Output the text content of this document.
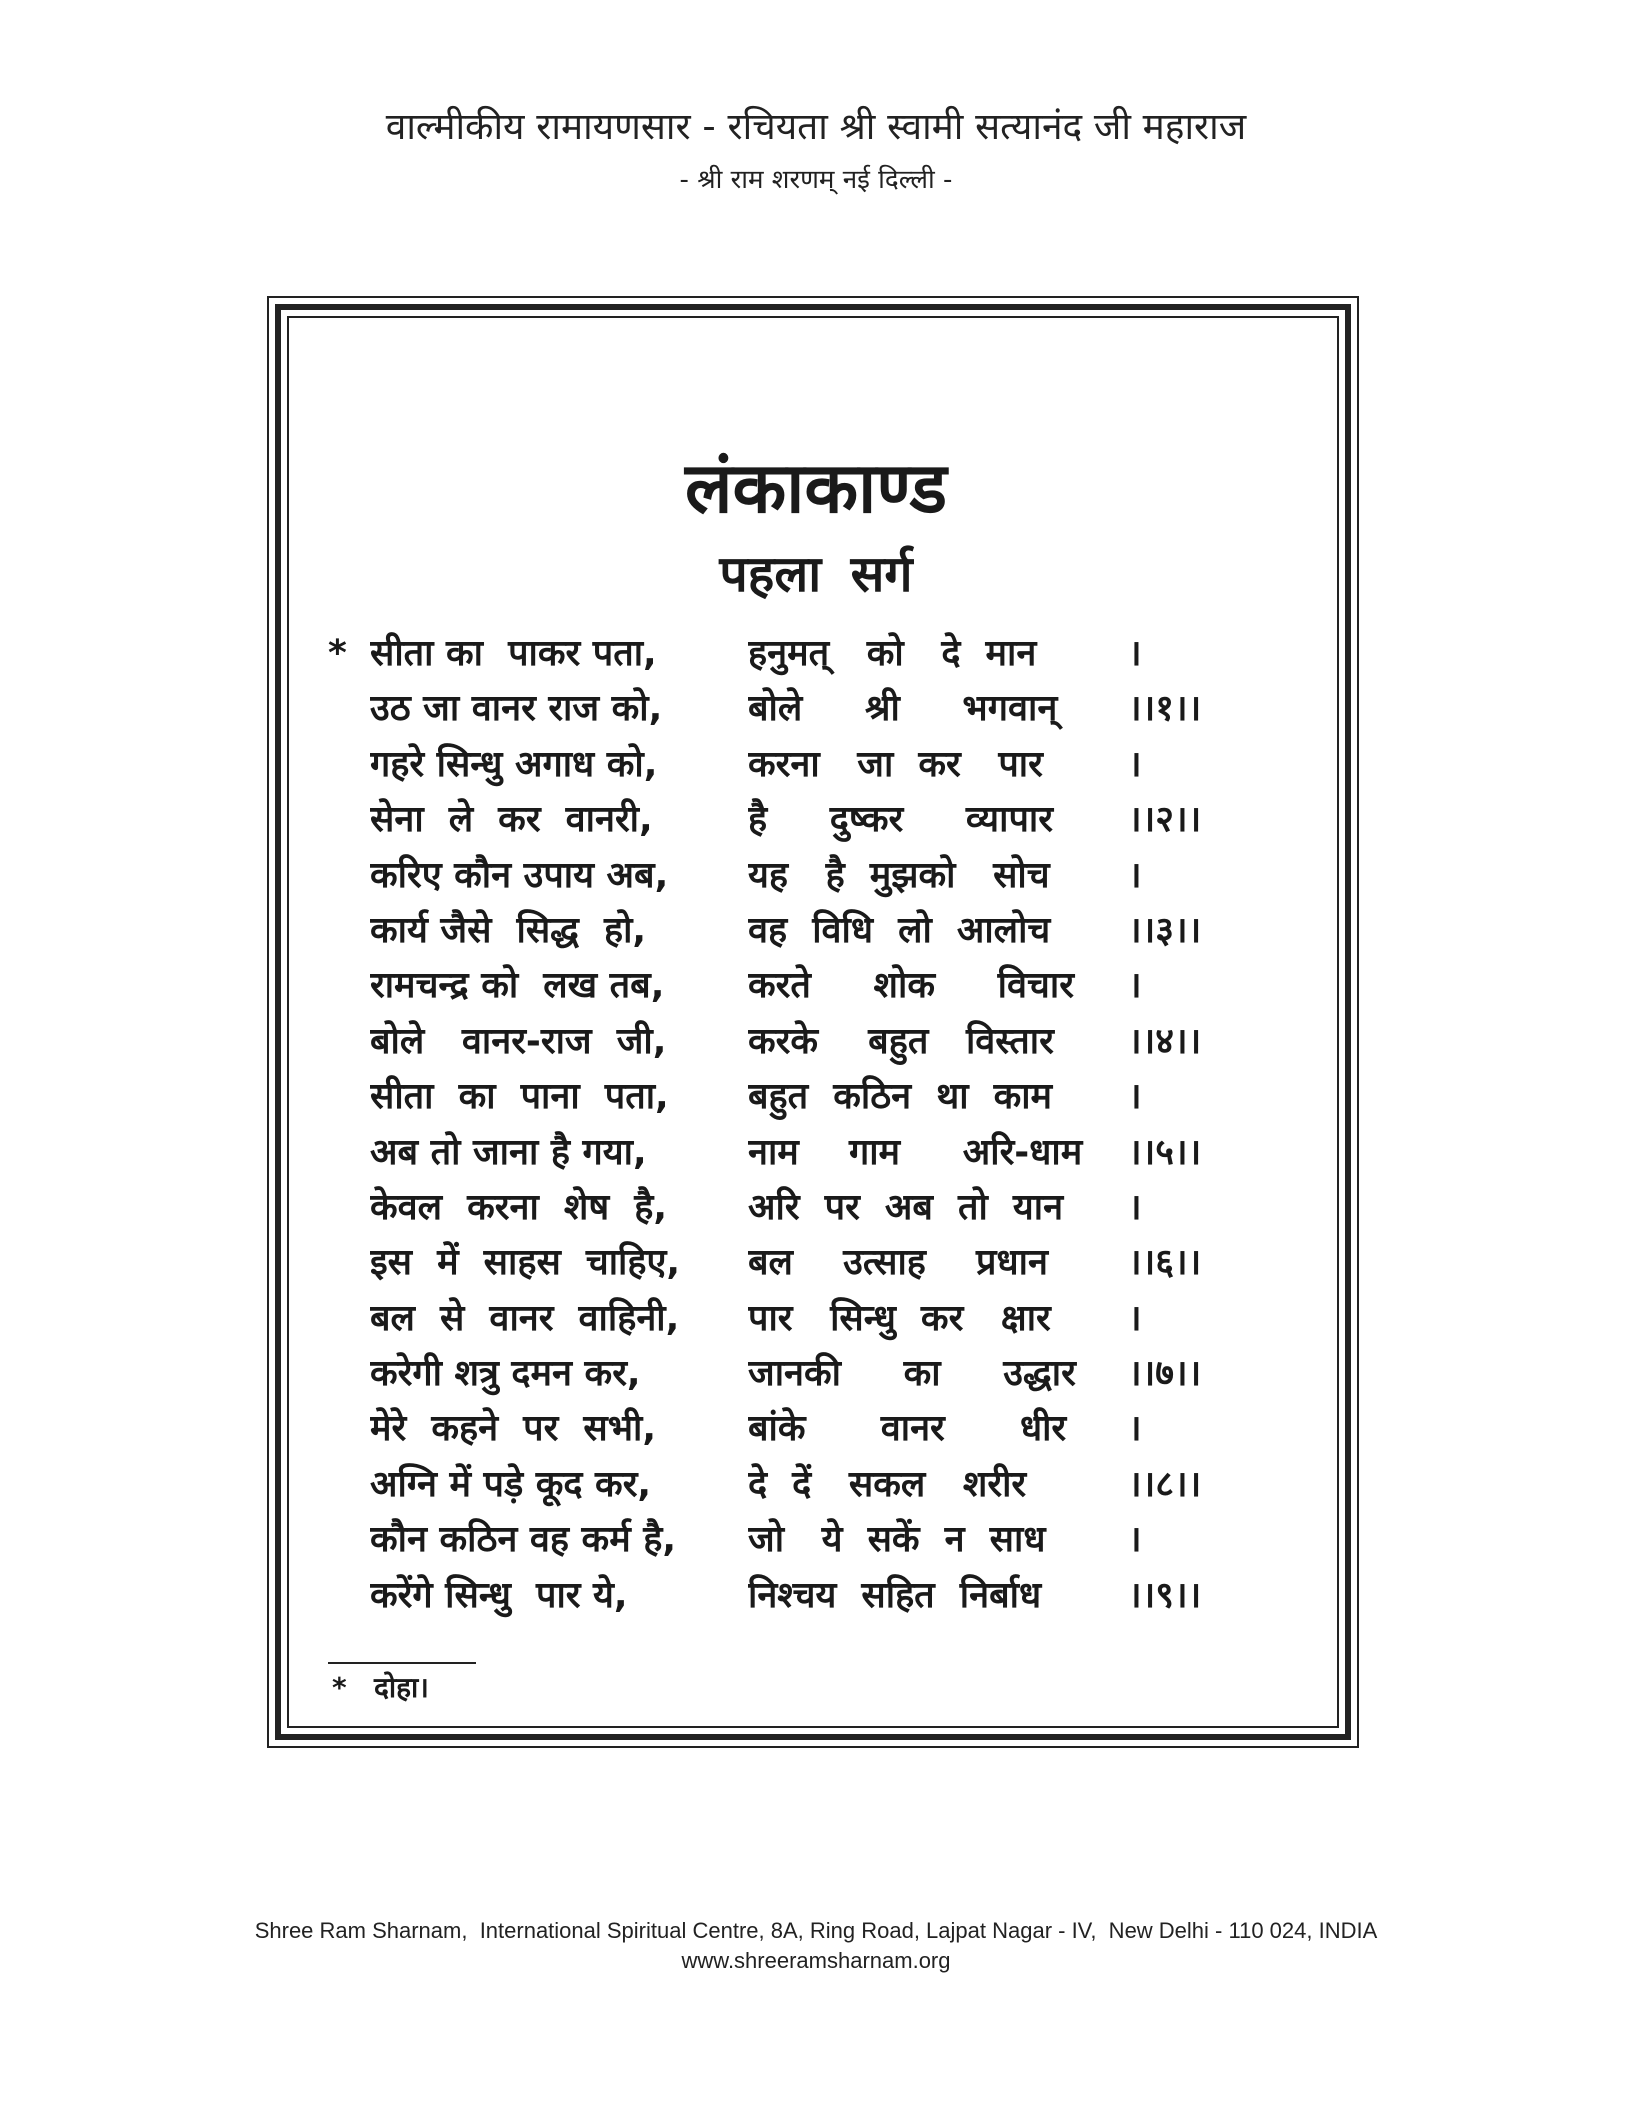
वाल्मीकीय रामायणसार - रचियता श्री स्वामी सत्यानंद जी महाराज
- श्री राम शरणम् नई दिल्ली -
लंकाकाण्ड
पहला सर्ग
* सीता का  पाकर पता,	हनुमत्   को   दे  मान	।
उठ जा वानर राज को,	बोले     श्री     भगवान्	।।१।।
गहरे सिन्धु अगाध को,	करना   जा  कर   पार	।
सेना  ले  कर  वानरी,	है     दुष्कर     व्यापार	।।२।।
करिए कौन उपाय अब,	यह   है  मुझको   सोच	।
कार्य जैसे  सिद्ध  हो,	वह  विधि  लो  आलोच	।।३।।
रामचन्द्र को  लख तब,	करते     शोक     विचार	।
बोले   वानर-राज  जी,	करके    बहुत   विस्तार	।।४।।
सीता  का  पाना  पता,	बहुत  कठिन  था  काम	।
अब तो जाना है गया,	नाम    गाम     अरि-धाम	।।५।।
केवल  करना  शेष  है,	अरि  पर  अब  तो  यान	।
इस  में  साहस  चाहिए,	बल    उत्साह    प्रधान	।।६।।
बल  से  वानर  वाहिनी,	पार   सिन्धु  कर   क्षार	।
करेगी शत्रु दमन कर,	जानकी     का     उद्धार	।।७।।
मेरे  कहने  पर  सभी,	बांके      वानर      धीर	।
अग्नि में पड़े कूद कर,	दे  दें   सकल   शरीर	।।८।।
कौन कठिन वह कर्म है,	जो   ये  सकें  न  साध	।
करेंगे सिन्धु  पार ये,	निश्चय  सहित  निर्बाध	।।९।।
* दोहा।
Shree Ram Sharnam,  International Spiritual Centre, 8A, Ring Road, Lajpat Nagar - IV,  New Delhi - 110 024, INDIA
www.shreeramsharnam.org
